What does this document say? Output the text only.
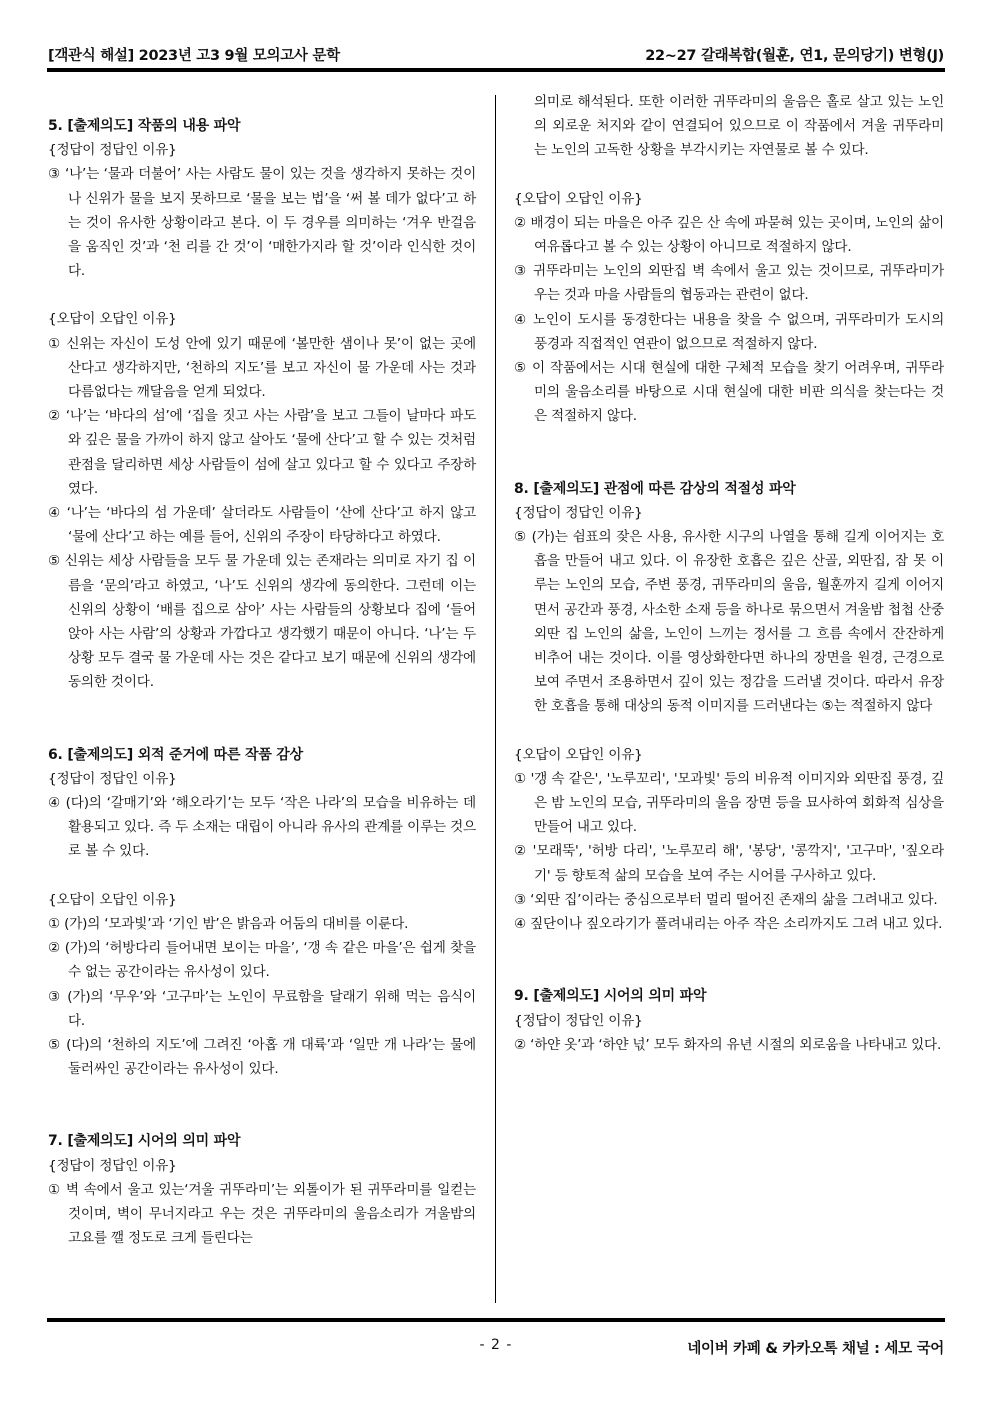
[객관식 해설] 2023년 고3 9월 모의고사 문학	22~27 갈래복합(월훈, 연1, 문의당기) 변형(J)
5. [출제의도] 작품의 내용 파악
{정답이 정답인 이유}
③ ‘나’는 ‘물과 더불어’ 사는 사람도 물이 있는 것을 생각하지 못하는 것이나 신위가 물을 보지 못하므로 ‘물을 보는 법’을 ‘써 볼 데가 없다’고 하는 것이 유사한 상황이라고 본다. 이 두 경우를 의미하는 ‘겨우 반걸음을 움직인 것’과 ‘천 리를 간 것’이 ‘매한가지라 할 것’이라 인식한 것이다.
{오답이 오답인 이유}
① 신위는 자신이 도성 안에 있기 때문에 ‘볼만한 샘이나 못’이 없는 곳에 산다고 생각하지만, ‘천하의 지도’를 보고 자신이 물 가운데 사는 것과 다름없다는 깨달음을 얻게 되었다.
② ‘나’는 ‘바다의 섬’에 ‘집을 짓고 사는 사람’을 보고 그들이 날마다 파도와 깊은 물을 가까이 하지 않고 살아도 ‘물에 산다’고 할 수 있는 것처럼 관점을 달리하면 세상 사람들이 섬에 살고 있다고 할 수 있다고 주장하였다.
④ ‘나’는 ‘바다의 섬 가운데’ 살더라도 사람들이 ‘산에 산다’고 하지 않고 ‘물에 산다’고 하는 예를 들어, 신위의 주장이 타당하다고 하였다.
⑤ 신위는 세상 사람들을 모두 물 가운데 있는 존재라는 의미로 자기 집 이름을 ‘문의’라고 하였고, ‘나’도 신위의 생각에 동의한다. 그런데 이는 신위의 상황이 ‘배를 집으로 삼아’ 사는 사람들의 상황보다 집에 ‘들어앉아 사는 사람’의 상황과 가깝다고 생각했기 때문이 아니다. ‘나’는 두 상황 모두 결국 물 가운데 사는 것은 같다고 보기 때문에 신위의 생각에 동의한 것이다.
6. [출제의도] 외적 준거에 따른 작품 감상
{정답이 정답인 이유}
④ (다)의 ‘갈매기’와 ‘해오라기’는 모두 ‘작은 나라’의 모습을 비유하는 데 활용되고 있다. 즉 두 소재는 대립이 아니라 유사의 관계를 이루는 것으로 볼 수 있다.
{오답이 오답인 이유}
① (가)의 ‘모과빛’과 ‘기인 밤’은 밝음과 어둠의 대비를 이룬다.
② (가)의 ‘허방다리 들어내면 보이는 마을’, ‘갱 속 같은 마을’은 쉽게 찾을 수 없는 공간이라는 유사성이 있다.
③ (가)의 ‘무우’와 ‘고구마’는 노인이 무료함을 달래기 위해 먹는 음식이다.
⑤ (다)의 ‘천하의 지도’에 그려진 ‘아홉 개 대륙’과 ‘일만 개 나라’는 물에 둘러싸인 공간이라는 유사성이 있다.
7. [출제의도] 시어의 의미 파악
{정답이 정답인 이유}
① 벽 속에서 울고 있는‘겨울 귀뚜라미’는 외톨이가 된 귀뚜라미를 일컫는 것이며, 벽이 무너지라고 우는 것은 귀뚜라미의 울음소리가 겨울밤의 고요를 깰 정도로 크게 들린다는
의미로 해석된다. 또한 이러한 귀뚜라미의 울음은 홀로 살고 있는 노인의 외로운 처지와 같이 연결되어 있으므로 이 작품에서 겨울 귀뚜라미는 노인의 고독한 상황을 부각시키는 자연물로 볼 수 있다.
{오답이 오답인 이유}
② 배경이 되는 마을은 아주 깊은 산 속에 파묻혀 있는 곳이며, 노인의 삶이 여유롭다고 볼 수 있는 상황이 아니므로 적절하지 않다.
③ 귀뚜라미는 노인의 외딴집 벽 속에서 울고 있는 것이므로, 귀뚜라미가 우는 것과 마을 사람들의 협동과는 관련이 없다.
④ 노인이 도시를 동경한다는 내용을 찾을 수 없으며, 귀뚜라미가 도시의 풍경과 직접적인 연관이 없으므로 적절하지 않다.
⑤ 이 작품에서는 시대 현실에 대한 구체적 모습을 찾기 어려우며, 귀뚜라미의 울음소리를 바탕으로 시대 현실에 대한 비판 의식을 찾는다는 것은 적절하지 않다.
8. [출제의도] 관점에 따른 감상의 적절성 파악
{정답이 정답인 이유}
⑤ (가)는 쉼표의 잦은 사용, 유사한 시구의 나열을 통해 길게 이어지는 호흡을 만들어 내고 있다. 이 유장한 호흡은 깊은 산골, 외딴집, 잠 못 이루는 노인의 모습, 주변 풍경, 귀뚜라미의 울음, 월훈까지 길게 이어지면서 공간과 풍경, 사소한 소재 등을 하나로 묶으면서 겨울밤 첩첩 산중 외딴 집 노인의 삶을, 노인이 느끼는 정서를 그 흐름 속에서 잔잔하게 비추어 내는 것이다. 이를 영상화한다면 하나의 장면을 원경, 근경으로 보여 주면서 조용하면서 깊이 있는 정감을 드러낼 것이다. 따라서 유장한 호흡을 통해 대상의 동적 이미지를 드러낸다는 ⑤는 적절하지 않다
{오답이 오답인 이유}
① '갱 속 같은', '노루꼬리', '모과빛' 등의 비유적 이미지와 외딴집 풍경, 깊은 밤 노인의 모습, 귀뚜라미의 울음 장면 등을 묘사하여 회화적 심상을 만들어 내고 있다.
② '모래뚝', '허방 다리', '노루꼬리 해', '봉당', '콩깍지', '고구마', '짚오라기' 등 향토적 삶의 모습을 보여 주는 시어를 구사하고 있다.
③ ‘외딴 집’이라는 중심으로부터 멀리 떨어진 존재의 삶을 그려내고 있다.
④ 짚단이나 짚오라기가 풀려내리는 아주 작은 소리까지도 그려 내고 있다.
9. [출제의도] 시어의 의미 파악
{정답이 정답인 이유}
② ‘하얀 옷’과 ‘하얀 넋’ 모두 화자의 유년 시절의 외로움을 나타내고 있다.
- 2 -	네이버 카페 & 카카오톡 채널 : 세모 국어
